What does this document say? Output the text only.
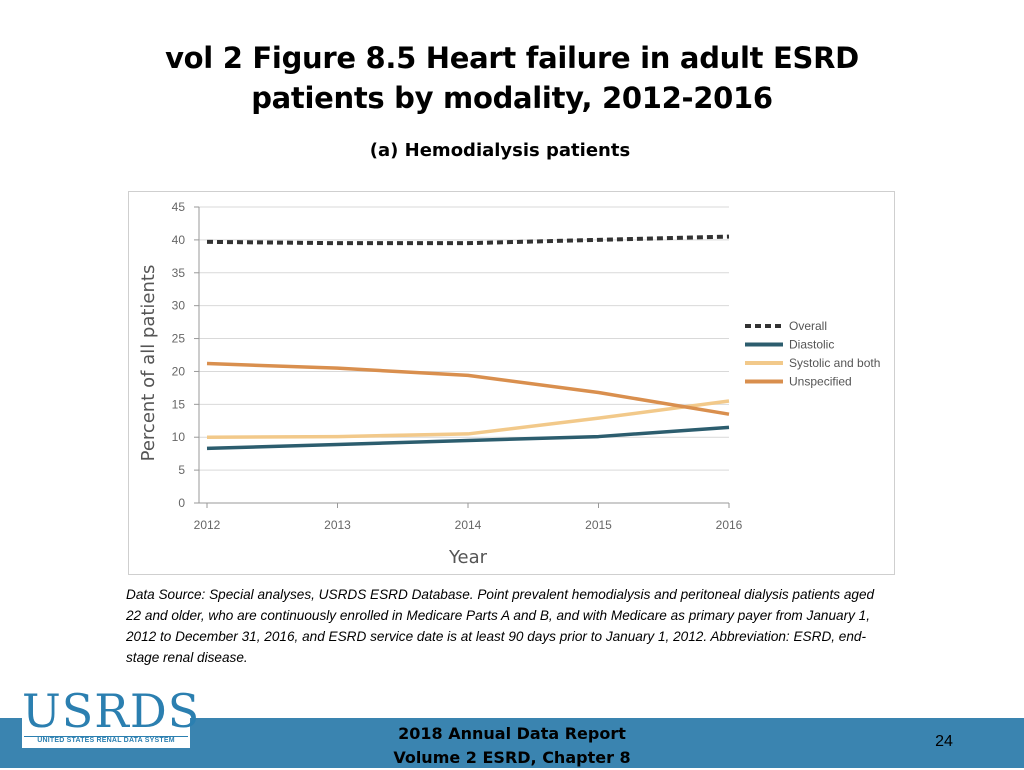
vol 2 Figure 8.5 Heart failure in adult ESRD patients by modality, 2012-2016
(a) Hemodialysis patients
0
5
10
15
20
25
30
35
40
45
2012	2013	2014	2015	2016
Year
Percent of all patients	Overall
Diastolic
Systolic and both
Unspecified
Data Source: Special analyses, USRDS ESRD Database. Point prevalent hemodialysis and peritoneal dialysis patients aged 22 and older, who are continuously enrolled in Medicare Parts A and B, and with Medicare as primary payer from January 1, 2012 to December 31, 2016, and ESRD service date is at least 90 days prior to January 1, 2012. Abbreviation: ESRD, end-stage renal disease.
USRDS
UNITED STATES RENAL DATA SYSTEM	2018 Annual Data Report
Volume 2 ESRD, Chapter 8
24
